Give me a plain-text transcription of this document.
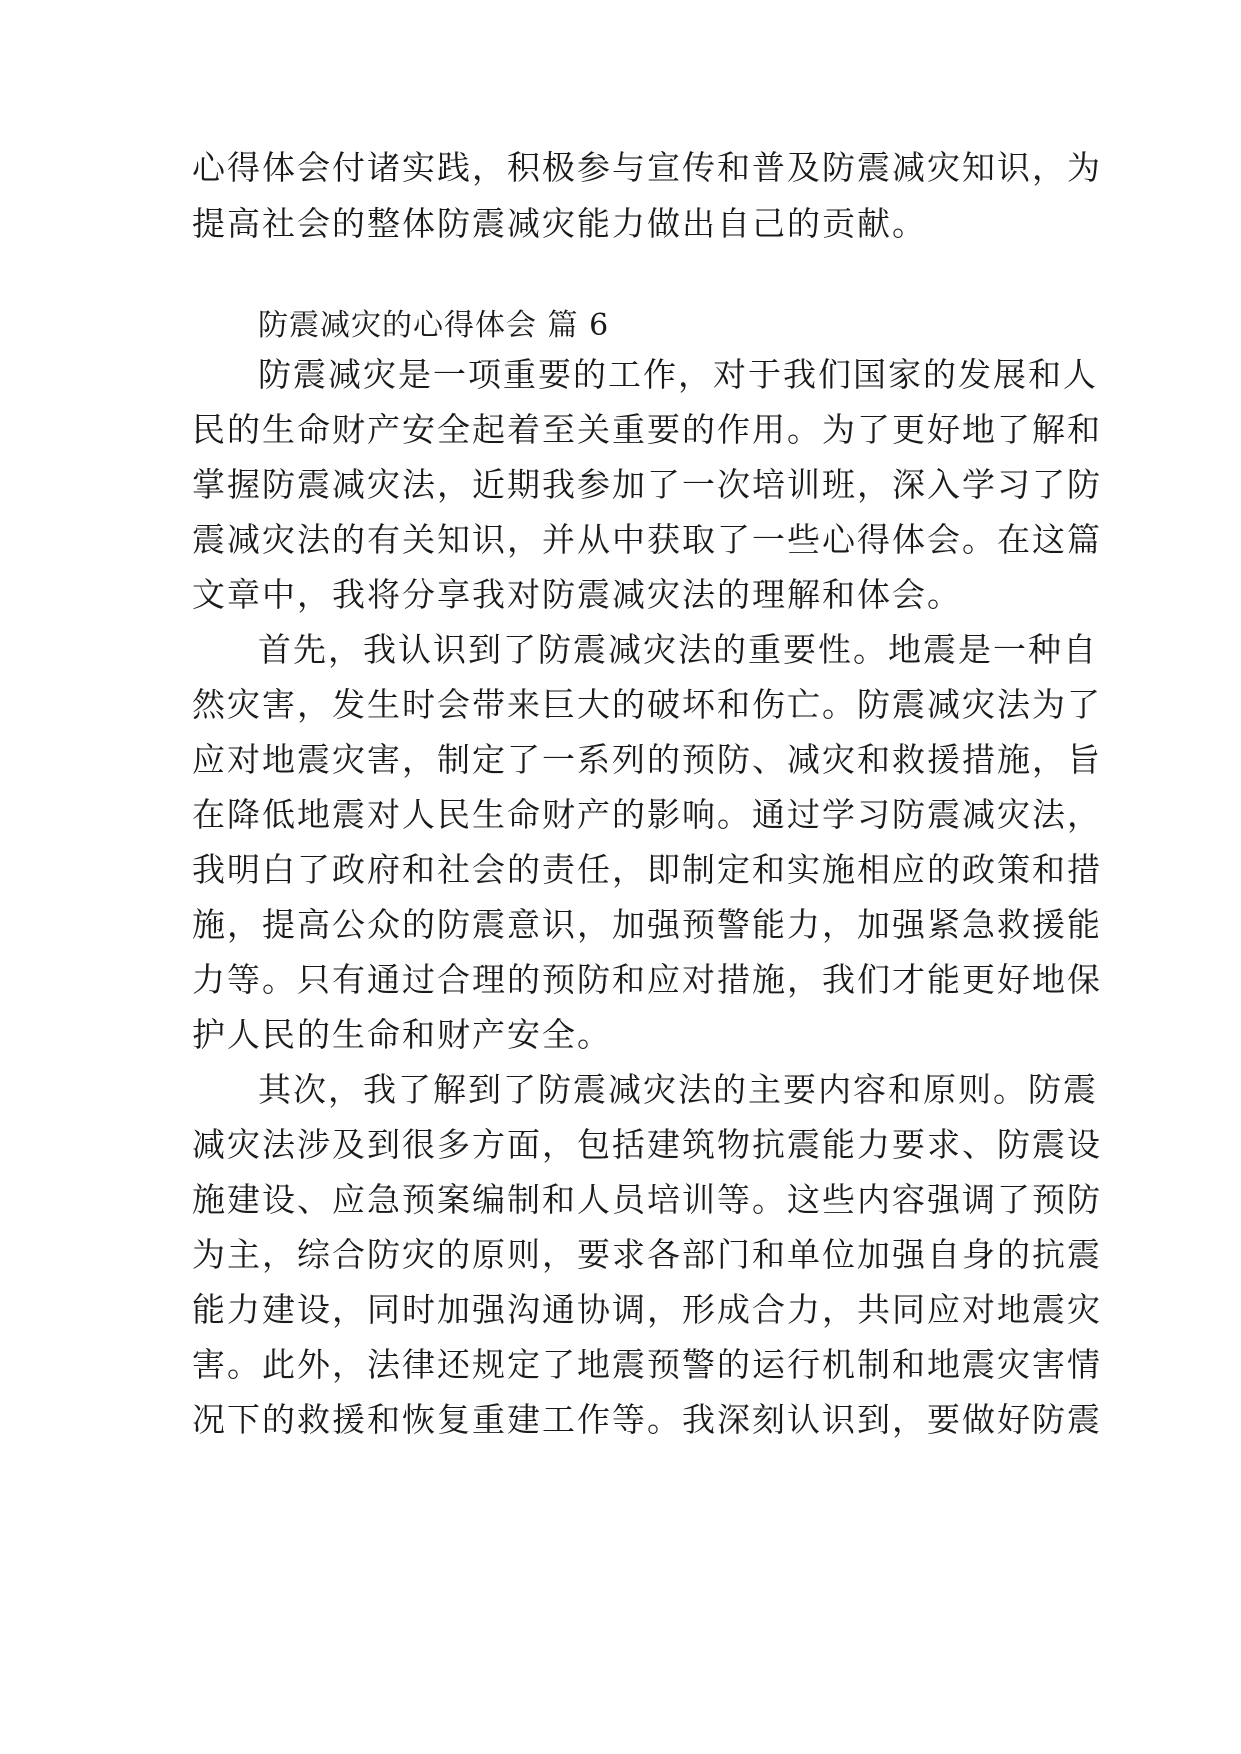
心得体会付诸实践，积极参与宣传和普及防震减灾知识，为
提高社会的整体防震减灾能力做出自己的贡献。
防震减灾的心得体会 篇 6
防震减灾是一项重要的工作，对于我们国家的发展和人
民的生命财产安全起着至关重要的作用。为了更好地了解和
掌握防震减灾法，近期我参加了一次培训班，深入学习了防
震减灾法的有关知识，并从中获取了一些心得体会。在这篇
文章中，我将分享我对防震减灾法的理解和体会。
首先，我认识到了防震减灾法的重要性。地震是一种自
然灾害，发生时会带来巨大的破坏和伤亡。防震减灾法为了
应对地震灾害，制定了一系列的预防、减灾和救援措施，旨
在降低地震对人民生命财产的影响。通过学习防震减灾法，
我明白了政府和社会的责任，即制定和实施相应的政策和措
施，提高公众的防震意识，加强预警能力，加强紧急救援能
力等。只有通过合理的预防和应对措施，我们才能更好地保
护人民的生命和财产安全。
其次，我了解到了防震减灾法的主要内容和原则。防震
减灾法涉及到很多方面，包括建筑物抗震能力要求、防震设
施建设、应急预案编制和人员培训等。这些内容强调了预防
为主，综合防灾的原则，要求各部门和单位加强自身的抗震
能力建设，同时加强沟通协调，形成合力，共同应对地震灾
害。此外，法律还规定了地震预警的运行机制和地震灾害情
况下的救援和恢复重建工作等。我深刻认识到，要做好防震
